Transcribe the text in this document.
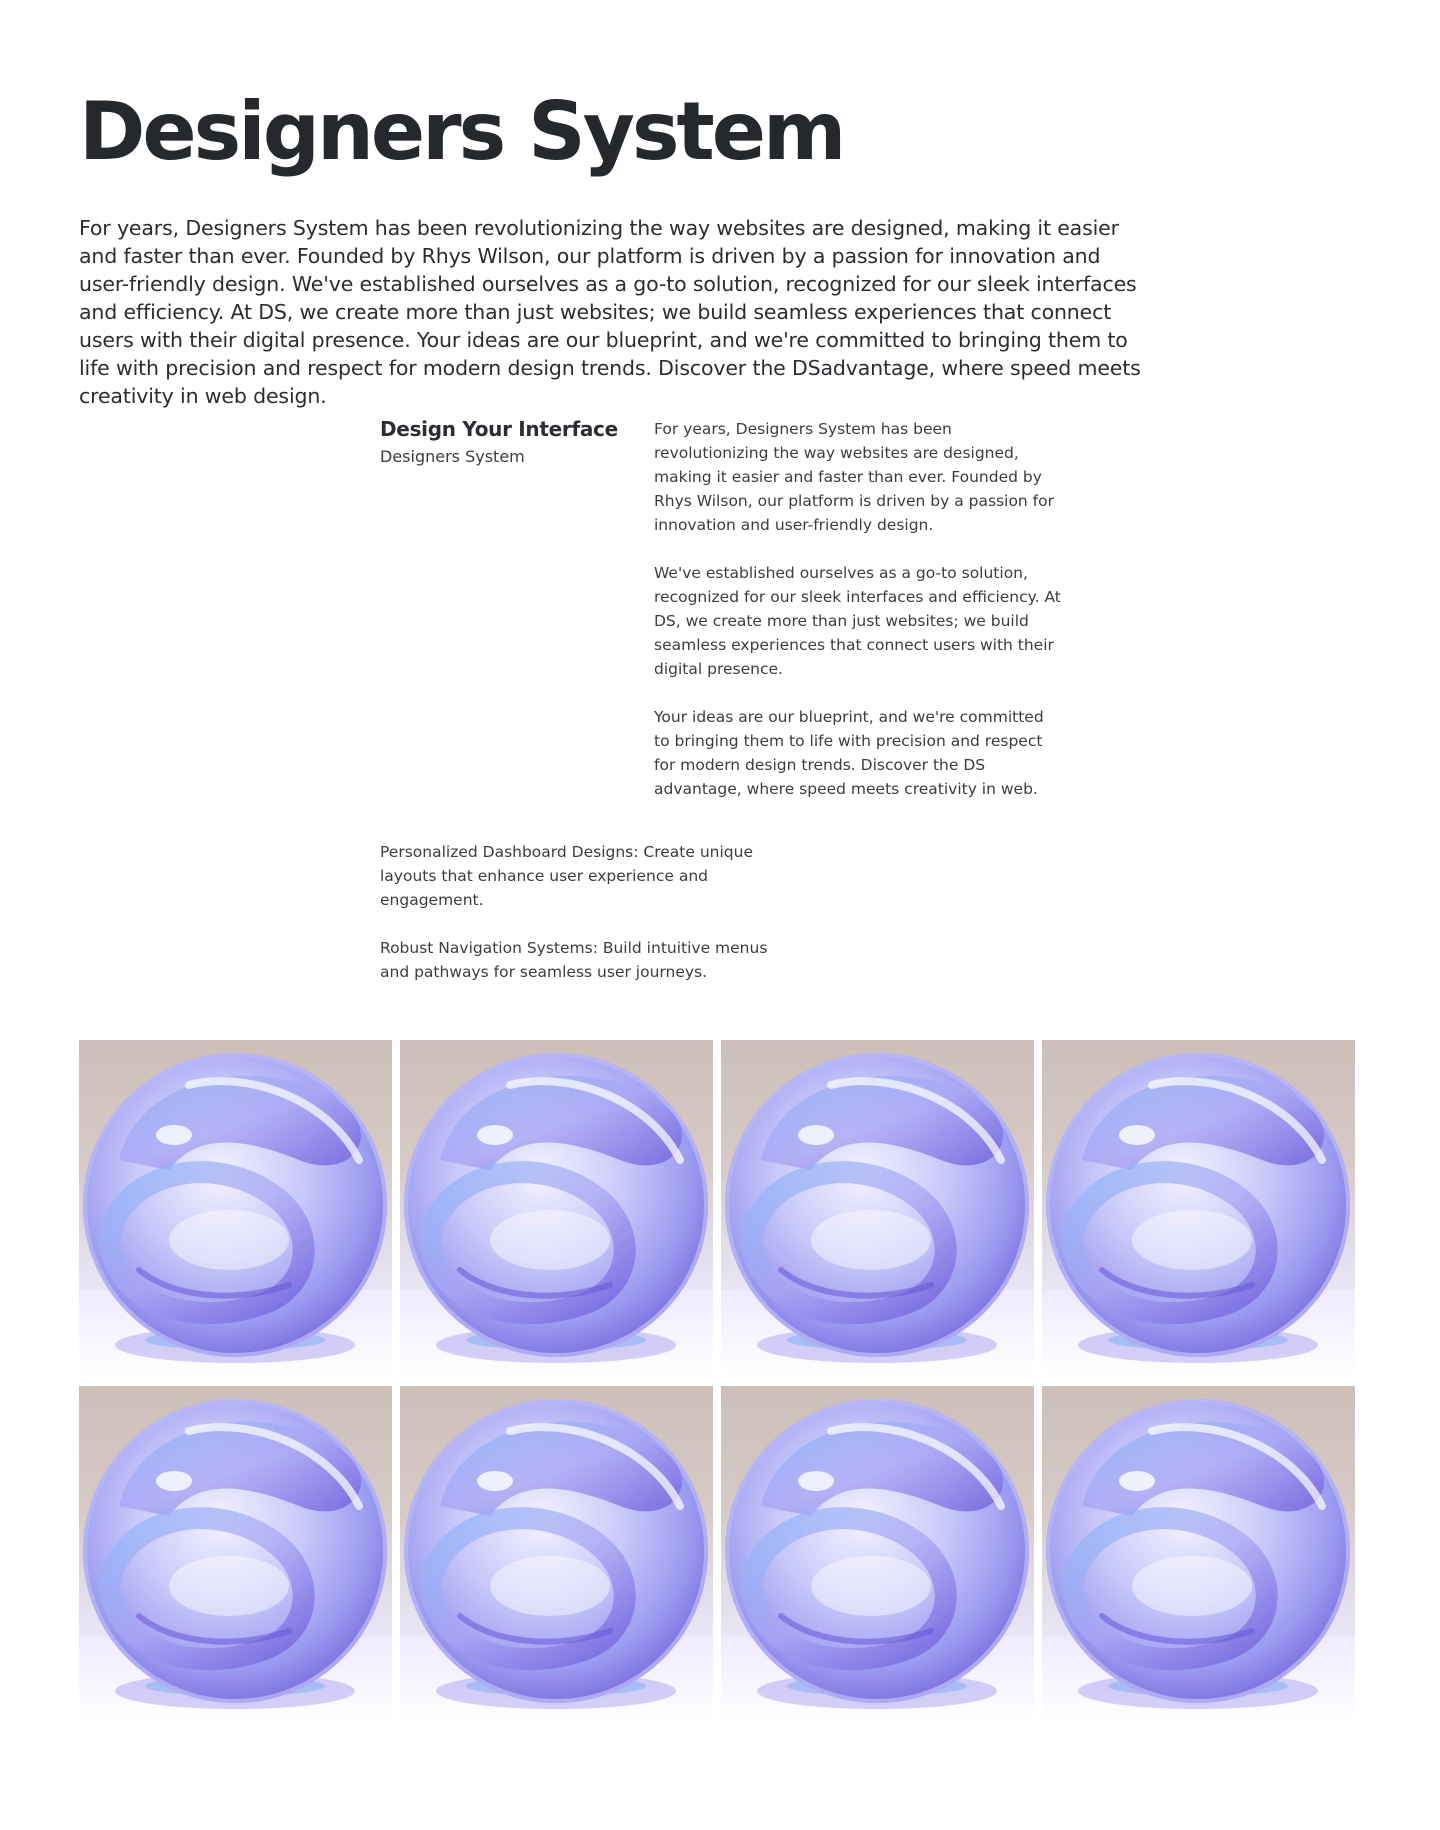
Designers System

For years, Designers System has been revolutionizing the way websites are designed, making it easier and faster than ever. Founded by Rhys Wilson, our platform is driven by a passion for innovation and user-friendly design. We've established ourselves as a go-to solution, recognized for our sleek interfaces and efficiency. At DS, we create more than just websites; we build seamless experiences that connect users with their digital presence. Your ideas are our blueprint, and we're committed to bringing them to life with precision and respect for modern design trends. Discover the DSadvantage, where speed meets creativity in web design.

Design Your Interface

Designers System

For years, Designers System has been revolutionizing the way websites are designed, making it easier and faster than ever. Founded by Rhys Wilson, our platform is driven by a passion for innovation and user-friendly design.

We've established ourselves as a go-to solution, recognized for our sleek interfaces and efficiency. At DS, we create more than just websites; we build seamless experiences that connect users with their digital presence.

Your ideas are our blueprint, and we're committed to bringing them to life with precision and respect for modern design trends. Discover the DS advantage, where speed meets creativity in web.

Personalized Dashboard Designs: Create unique layouts that enhance user experience and engagement.

Robust Navigation Systems: Build intuitive menus and pathways for seamless user journeys.
